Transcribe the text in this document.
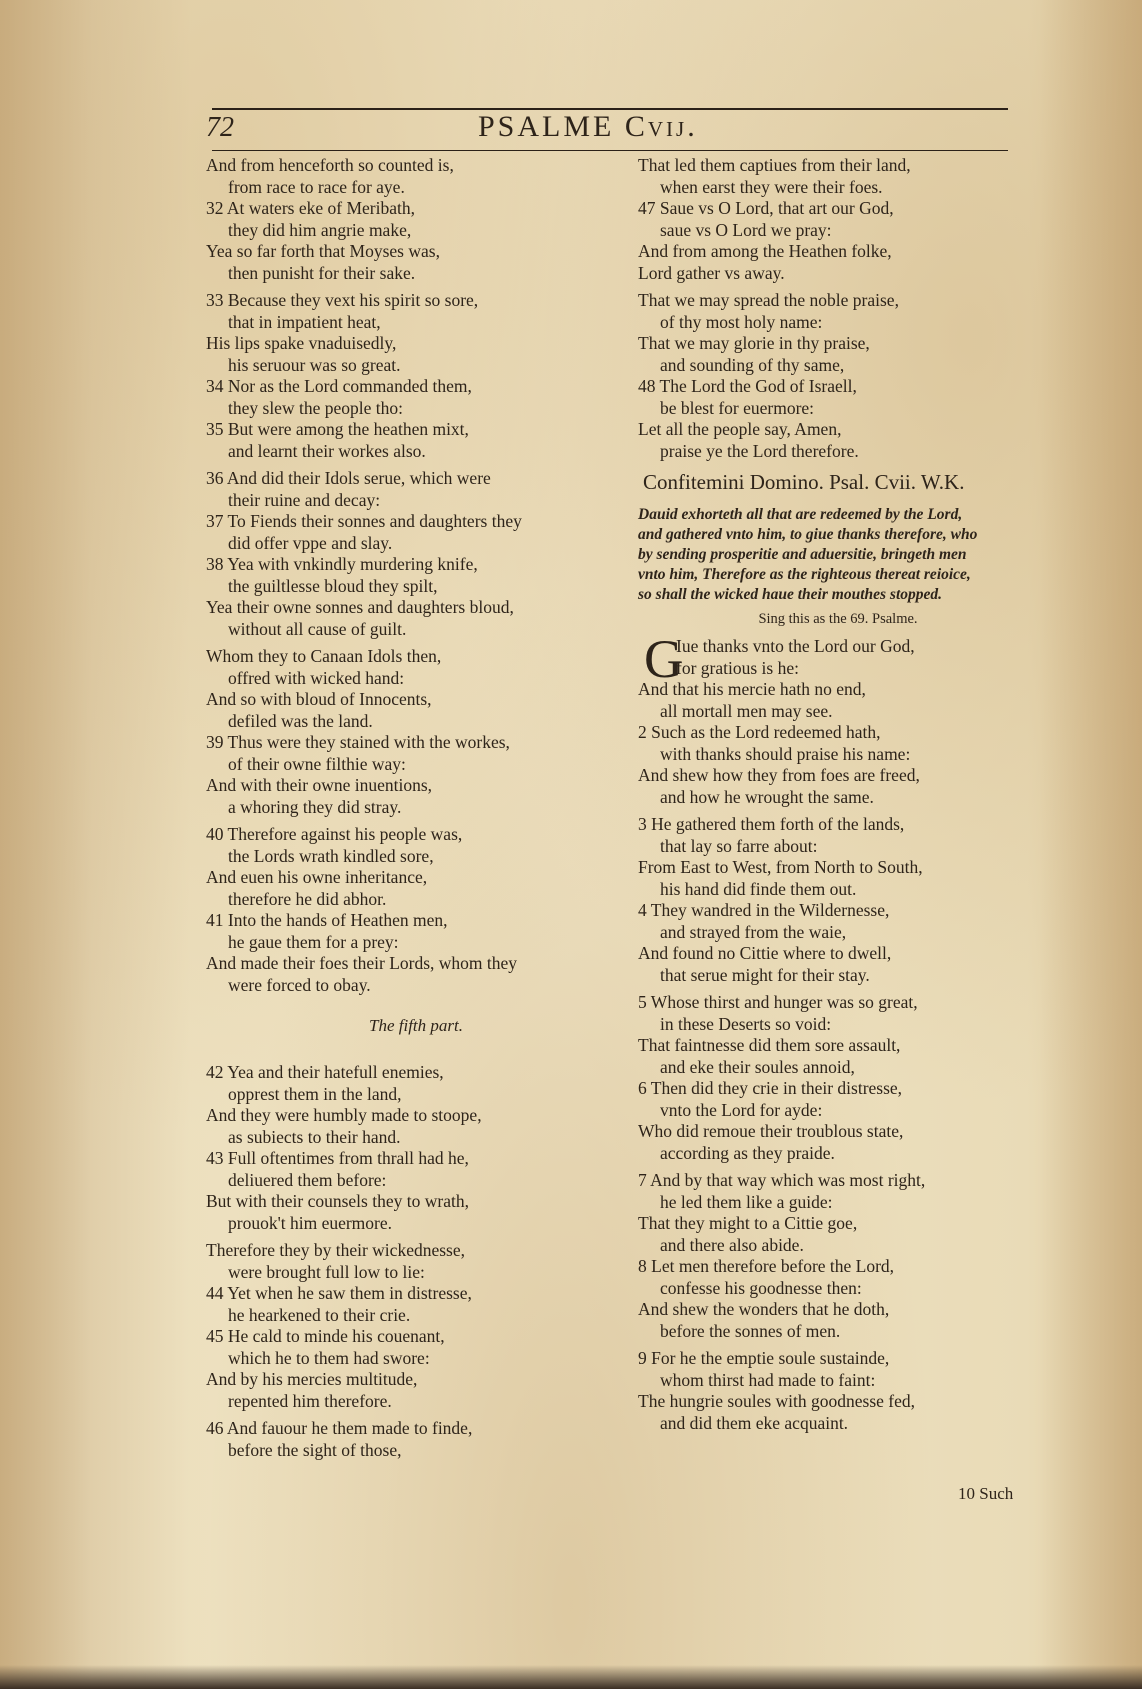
72	PSALME Cvij.
And from henceforth so counted is,
from race to race for aye.
32 At waters eke of Meribath,
they did him angrie make,
Yea so far forth that Moyses was,
then punisht for their sake.
33 Because they vext his spirit so sore,
that in impatient heat,
His lips spake vnaduisedly,
his seruour was so great.
34 Nor as the Lord commanded them,
they slew the people tho:
35 But were among the heathen mixt,
and learnt their workes also.
36 And did their Idols serue, which were
their ruine and decay:
37 To Fiends their sonnes and daughters they
did offer vppe and slay.
38 Yea with vnkindly murdering knife,
the guiltlesse bloud they spilt,
Yea their owne sonnes and daughters bloud,
without all cause of guilt.
Whom they to Canaan Idols then,
offred with wicked hand:
And so with bloud of Innocents,
defiled was the land.
39 Thus were they stained with the workes,
of their owne filthie way:
And with their owne inuentions,
a whoring they did stray.
40 Therefore against his people was,
the Lords wrath kindled sore,
And euen his owne inheritance,
therefore he did abhor.
41 Into the hands of Heathen men,
he gaue them for a prey:
And made their foes their Lords, whom they
were forced to obay.
The fifth part.
42 Yea and their hatefull enemies,
opprest them in the land,
And they were humbly made to stoope,
as subiects to their hand.
43 Full oftentimes from thrall had he,
deliuered them before:
But with their counsels they to wrath,
prouok't him euermore.
Therefore they by their wickednesse,
were brought full low to lie:
44 Yet when he saw them in distresse,
he hearkened to their crie.
45 He cald to minde his couenant,
which he to them had swore:
And by his mercies multitude,
repented him therefore.
46 And fauour he them made to finde,
before the sight of those,
That led them captiues from their land,
when earst they were their foes.
47 Saue vs O Lord, that art our God,
saue vs O Lord we pray:
And from among the Heathen folke,
Lord gather vs away.
That we may spread the noble praise,
of thy most holy name:
That we may glorie in thy praise,
and sounding of thy same,
48 The Lord the God of Israell,
be blest for euermore:
Let all the people say, Amen,
praise ye the Lord therefore.
Confitemini Domino. Psal. Cvii. W.K.
Dauid exhorteth all that are redeemed by the Lord,
and gathered vnto him, to giue thanks therefore, who
by sending prosperitie and aduersitie, bringeth men
vnto him, Therefore as the righteous thereat reioice,
so shall the wicked haue their mouthes stopped.
Sing this as the 69. Psalme.
G
Iue thanks vnto the Lord our God,
for gratious is he:
And that his mercie hath no end,
all mortall men may see.
2 Such as the Lord redeemed hath,
with thanks should praise his name:
And shew how they from foes are freed,
and how he wrought the same.
3 He gathered them forth of the lands,
that lay so farre about:
From East to West, from North to South,
his hand did finde them out.
4 They wandred in the Wildernesse,
and strayed from the waie,
And found no Cittie where to dwell,
that serue might for their stay.
5 Whose thirst and hunger was so great,
in these Deserts so void:
That faintnesse did them sore assault,
and eke their soules annoid,
6 Then did they crie in their distresse,
vnto the Lord for ayde:
Who did remoue their troublous state,
according as they praide.
7 And by that way which was most right,
he led them like a guide:
That they might to a Cittie goe,
and there also abide.
8 Let men therefore before the Lord,
confesse his goodnesse then:
And shew the wonders that he doth,
before the sonnes of men.
9 For he the emptie soule sustainde,
whom thirst had made to faint:
The hungrie soules with goodnesse fed,
and did them eke acquaint.
10 Such
